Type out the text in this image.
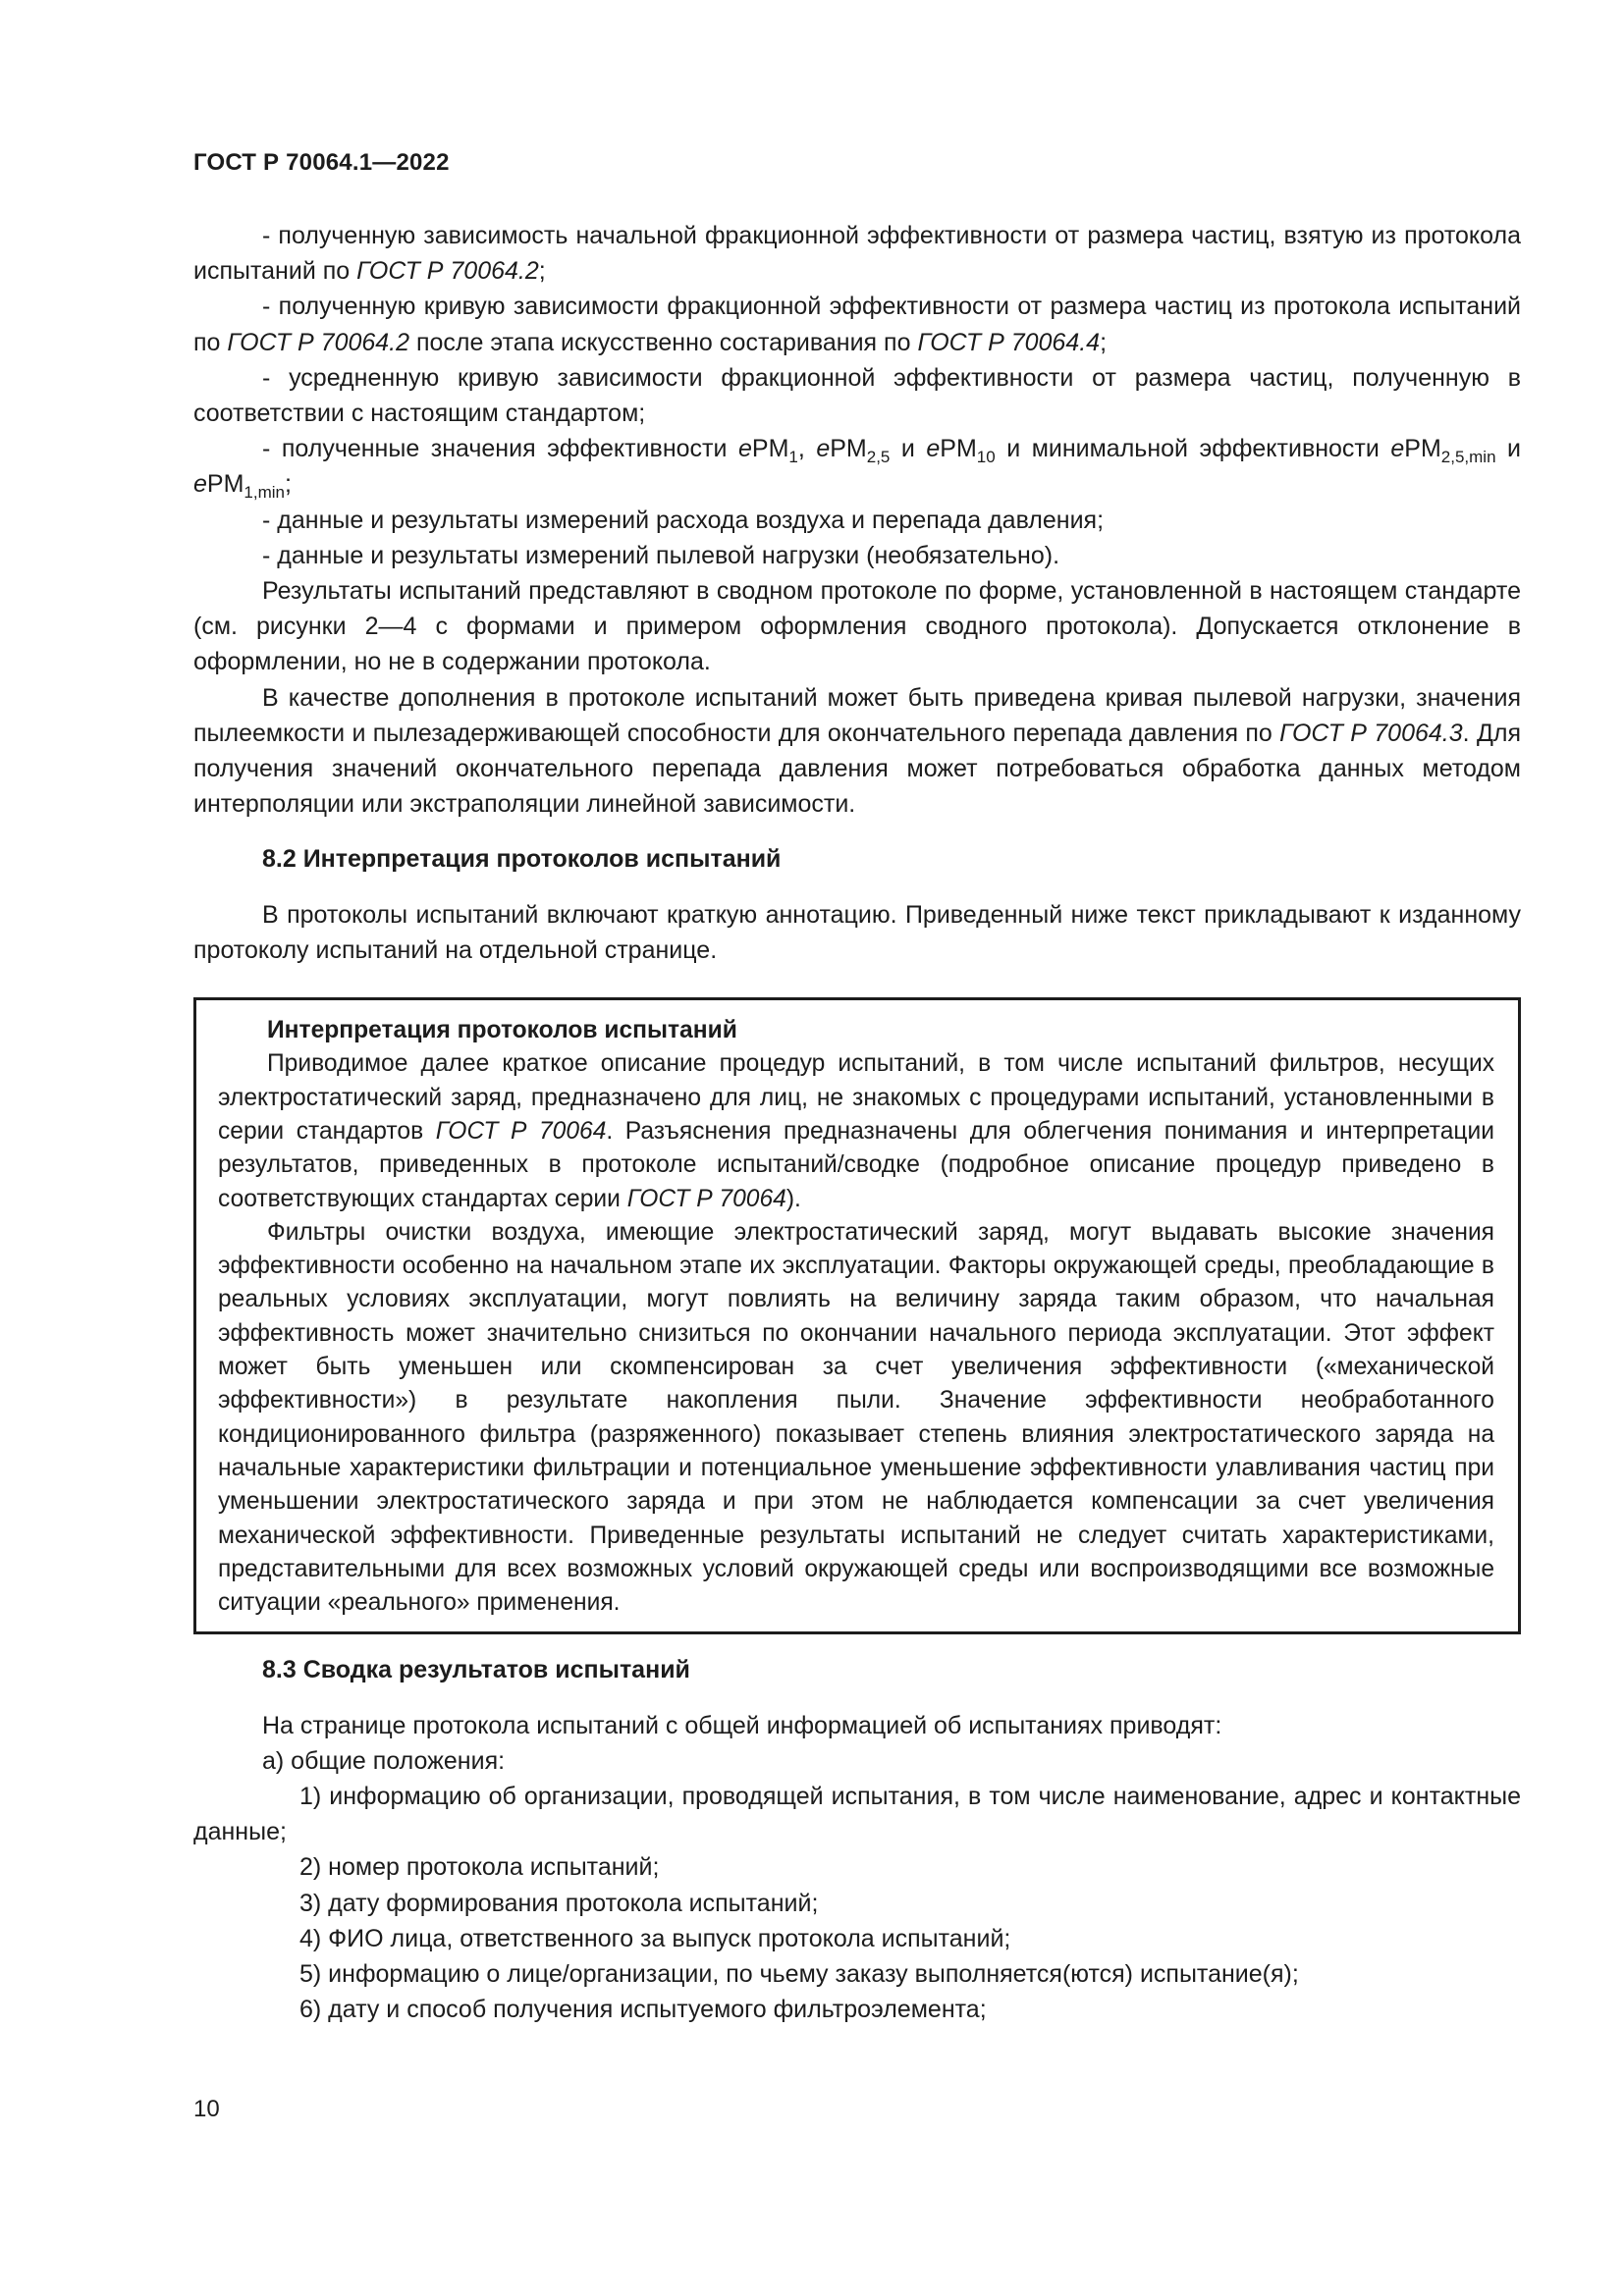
ГОСТ Р 70064.1—2022

- полученную зависимость начальной фракционной эффективности от размера частиц, взятую из протокола испытаний по ГОСТ Р 70064.2;

- полученную кривую зависимости фракционной эффективности от размера частиц из протокола испытаний по ГОСТ Р 70064.2 после этапа искусственно состаривания по ГОСТ Р 70064.4;

- усредненную кривую зависимости фракционной эффективности от размера частиц, полученную в соответствии с настоящим стандартом;

- полученные значения эффективности ePM$_1$, ePM$_{2,5}$ и ePM$_{10}$ и минимальной эффективности ePM$_{2,5,min}$ и ePM$_{1,min}$;

- данные и результаты измерений расхода воздуха и перепада давления;

- данные и результаты измерений пылевой нагрузки (необязательно).

Результаты испытаний представляют в сводном протоколе по форме, установленной в настоящем стандарте (см. рисунки 2—4 с формами и примером оформления сводного протокола). Допускается отклонение в оформлении, но не в содержании протокола.

В качестве дополнения в протоколе испытаний может быть приведена кривая пылевой нагрузки, значения пылеемкости и пылезадерживающей способности для окончательного перепада давления по ГОСТ Р 70064.3. Для получения значений окончательного перепада давления может потребоваться обработка данных методом интерполяции или экстраполяции линейной зависимости.

8.2 Интерпретация протоколов испытаний

В протоколы испытаний включают краткую аннотацию. Приведенный ниже текст прикладывают к изданному протоколу испытаний на отдельной странице.

Интерпретация протоколов испытаний

Приводимое далее краткое описание процедур испытаний, в том числе испытаний фильтров, несущих электростатический заряд, предназначено для лиц, не знакомых с процедурами испытаний, установленными в серии стандартов ГОСТ Р 70064. Разъяснения предназначены для облегчения понимания и интерпретации результатов, приведенных в протоколе испытаний/сводке (подробное описание процедур приведено в соответствующих стандартах серии ГОСТ Р 70064).

Фильтры очистки воздуха, имеющие электростатический заряд, могут выдавать высокие значения эффективности особенно на начальном этапе их эксплуатации. Факторы окружающей среды, преобладающие в реальных условиях эксплуатации, могут повлиять на величину заряда таким образом, что начальная эффективность может значительно снизиться по окончании начального периода эксплуатации. Этот эффект может быть уменьшен или скомпенсирован за счет увеличения эффективности («механической эффективности») в результате накопления пыли. Значение эффективности необработанного кондиционированного фильтра (разряженного) показывает степень влияния электростатического заряда на начальные характеристики фильтрации и потенциальное уменьшение эффективности улавливания частиц при уменьшении электростатического заряда и при этом не наблюдается компенсации за счет увеличения механической эффективности. Приведенные результаты испытаний не следует считать характеристиками, представительными для всех возможных условий окружающей среды или воспроизводящими все возможные ситуации «реального» применения.

8.3 Сводка результатов испытаний

На странице протокола испытаний с общей информацией об испытаниях приводят:

а) общие положения:

1) информацию об организации, проводящей испытания, в том числе наименование, адрес и контактные данные;

2) номер протокола испытаний;

3) дату формирования протокола испытаний;

4) ФИО лица, ответственного за выпуск протокола испытаний;

5) информацию о лице/организации, по чьему заказу выполняется(ются) испытание(я);

6) дату и способ получения испытуемого фильтроэлемента;

10
